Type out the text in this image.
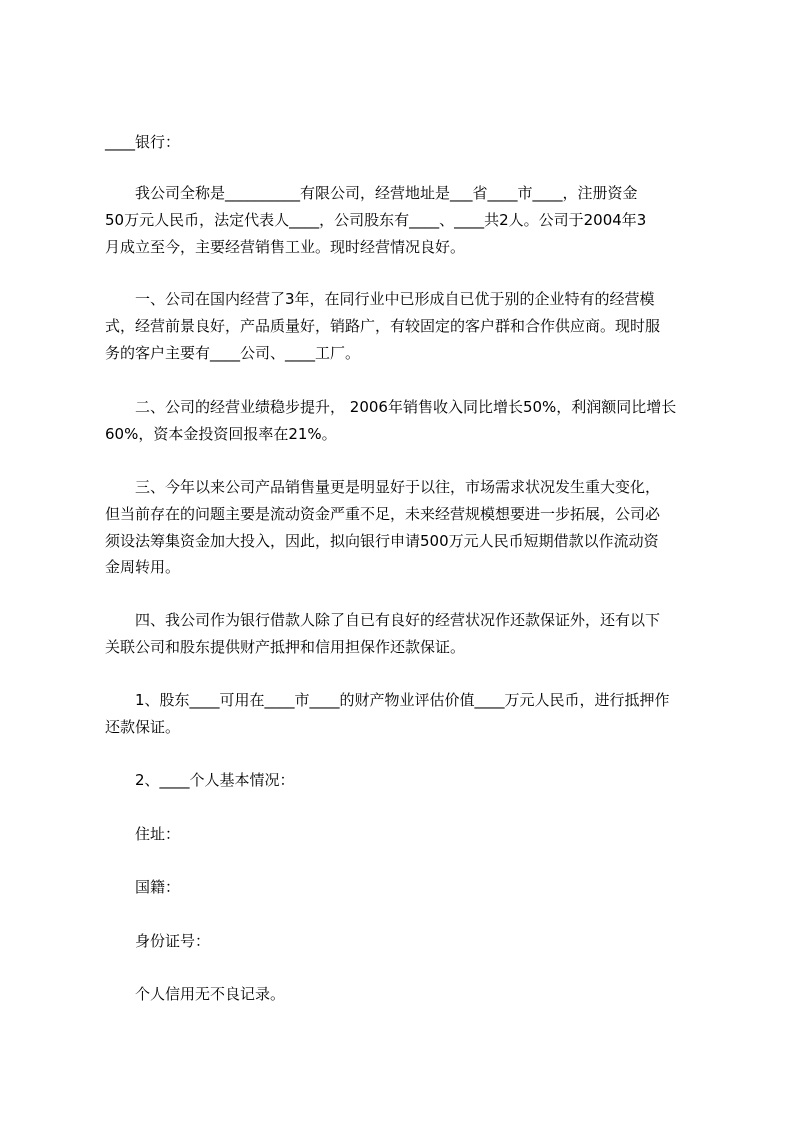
____银行：
　　我公司全称是__________有限公司，经营地址是___省____市____，注册资金
50万元人民币，法定代表人____，公司股东有____、____共2人。公司于2004年3
月成立至今，主要经营销售工业。现时经营情况良好。
　　一、公司在国内经营了3年，在同行业中已形成自已优于别的企业特有的经营模
式，经营前景良好，产品质量好，销路广，有较固定的客户群和合作供应商。现时服
务的客户主要有____公司、____工厂。
　　二、公司的经营业绩稳步提升， 2006年销售收入同比增长50%，利润额同比增长
60%，资本金投资回报率在21%。
　　三、今年以来公司产品销售量更是明显好于以往，市场需求状况发生重大变化，
但当前存在的问题主要是流动资金严重不足，未来经营规模想要进一步拓展，公司必
须设法筹集资金加大投入，因此，拟向银行申请500万元人民币短期借款以作流动资
金周转用。
　　四、我公司作为银行借款人除了自已有良好的经营状况作还款保证外，还有以下
关联公司和股东提供财产抵押和信用担保作还款保证。
　　1、股东____可用在____市____的财产物业评估价值____万元人民币，进行抵押作
还款保证。
　　2、____个人基本情况：
　　住址：
　　国籍：
　　身份证号：
　　个人信用无不良记录。
